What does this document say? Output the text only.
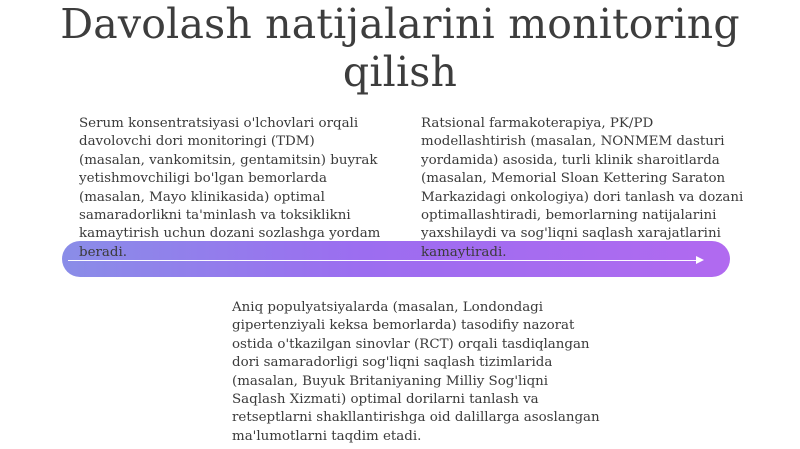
Davolash natijalarini monitoring qilish
Serum konsentratsiyasi o'lchovlari orqali davolovchi dori monitoringi (TDM) (masalan, vankomitsin, gentamitsin) buyrak yetishmovchiligi bo'lgan bemorlarda (masalan, Mayo klinikasida) optimal samaradorlikni ta'minlash va toksiklikni kamaytirish uchun dozani sozlashga yordam beradi.
Ratsional farmakoterapiya, PK/PD modellashtirish (masalan, NONMEM dasturi yordamida) asosida, turli klinik sharoitlarda (masalan, Memorial Sloan Kettering Saraton Markazidagi onkologiya) dori tanlash va dozani optimallashtiradi, bemorlarning natijalarini yaxshilaydi va sog'liqni saqlash xarajatlarini kamaytiradi.
Aniq populyatsiyalarda (masalan, Londondagi gipertenziyali keksa bemorlarda) tasodifiy nazorat ostida o'tkazilgan sinovlar (RCT) orqali tasdiqlangan dori samaradorligi sog'liqni saqlash tizimlarida (masalan, Buyuk Britaniyaning Milliy Sog'liqni Saqlash Xizmati) optimal dorilarni tanlash va retseptlarni shakllantirishga oid dalillarga asoslangan ma'lumotlarni taqdim etadi.
